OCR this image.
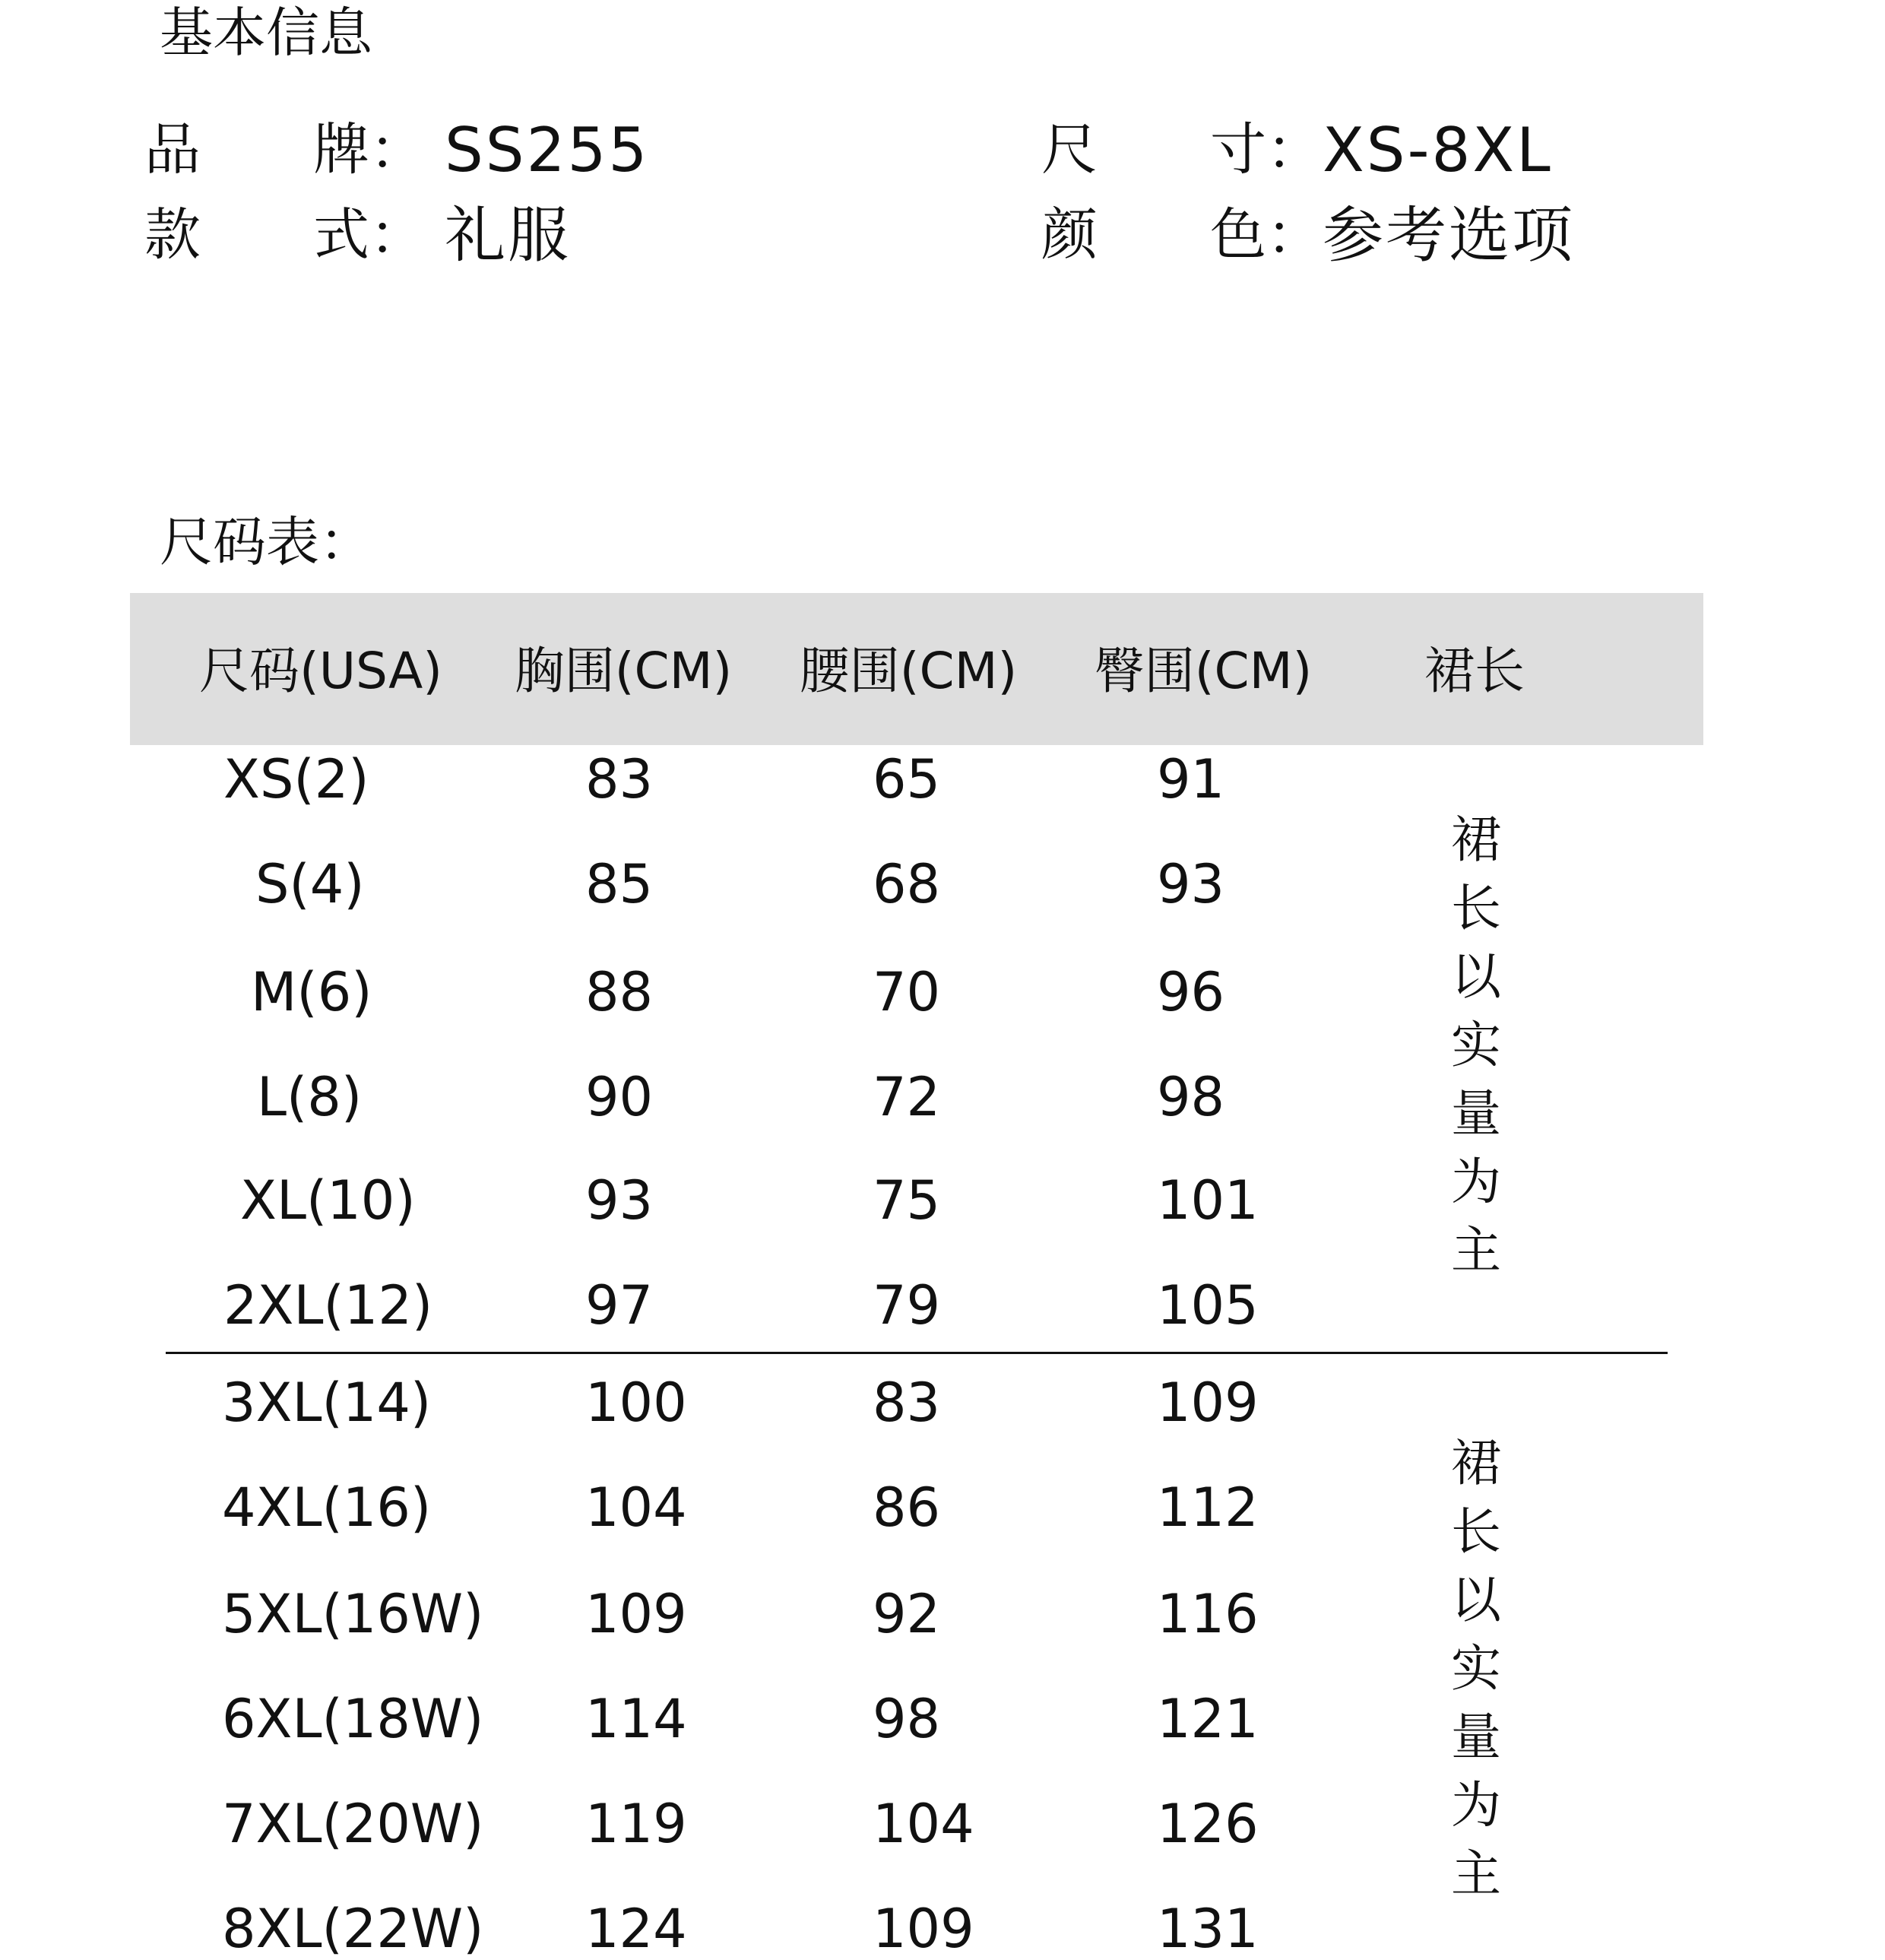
基本信息
品　　牌： SS255	尺　　寸： XS-8XL
款　　式： 礼服	颜　　色： 参考选项
尺码表：
尺码(USA) 胸围(CM) 腰围(CM) 臀围(CM) 裙长
XS(2)	83	65	91
S(4)	85	68	93
M(6)	88	70	96
L(8)	90	72	98
XL(10)	93	75	101
2XL(12)	97	79	105
3XL(14)	100	83	109
4XL(16)	104	86	112
5XL(16W) 109	92	116
6XL(18W) 114	98	121
7XL(20W) 119	104	126
8XL(22W) 124	109	131
裙长以实量为主
裙长以实量为主
